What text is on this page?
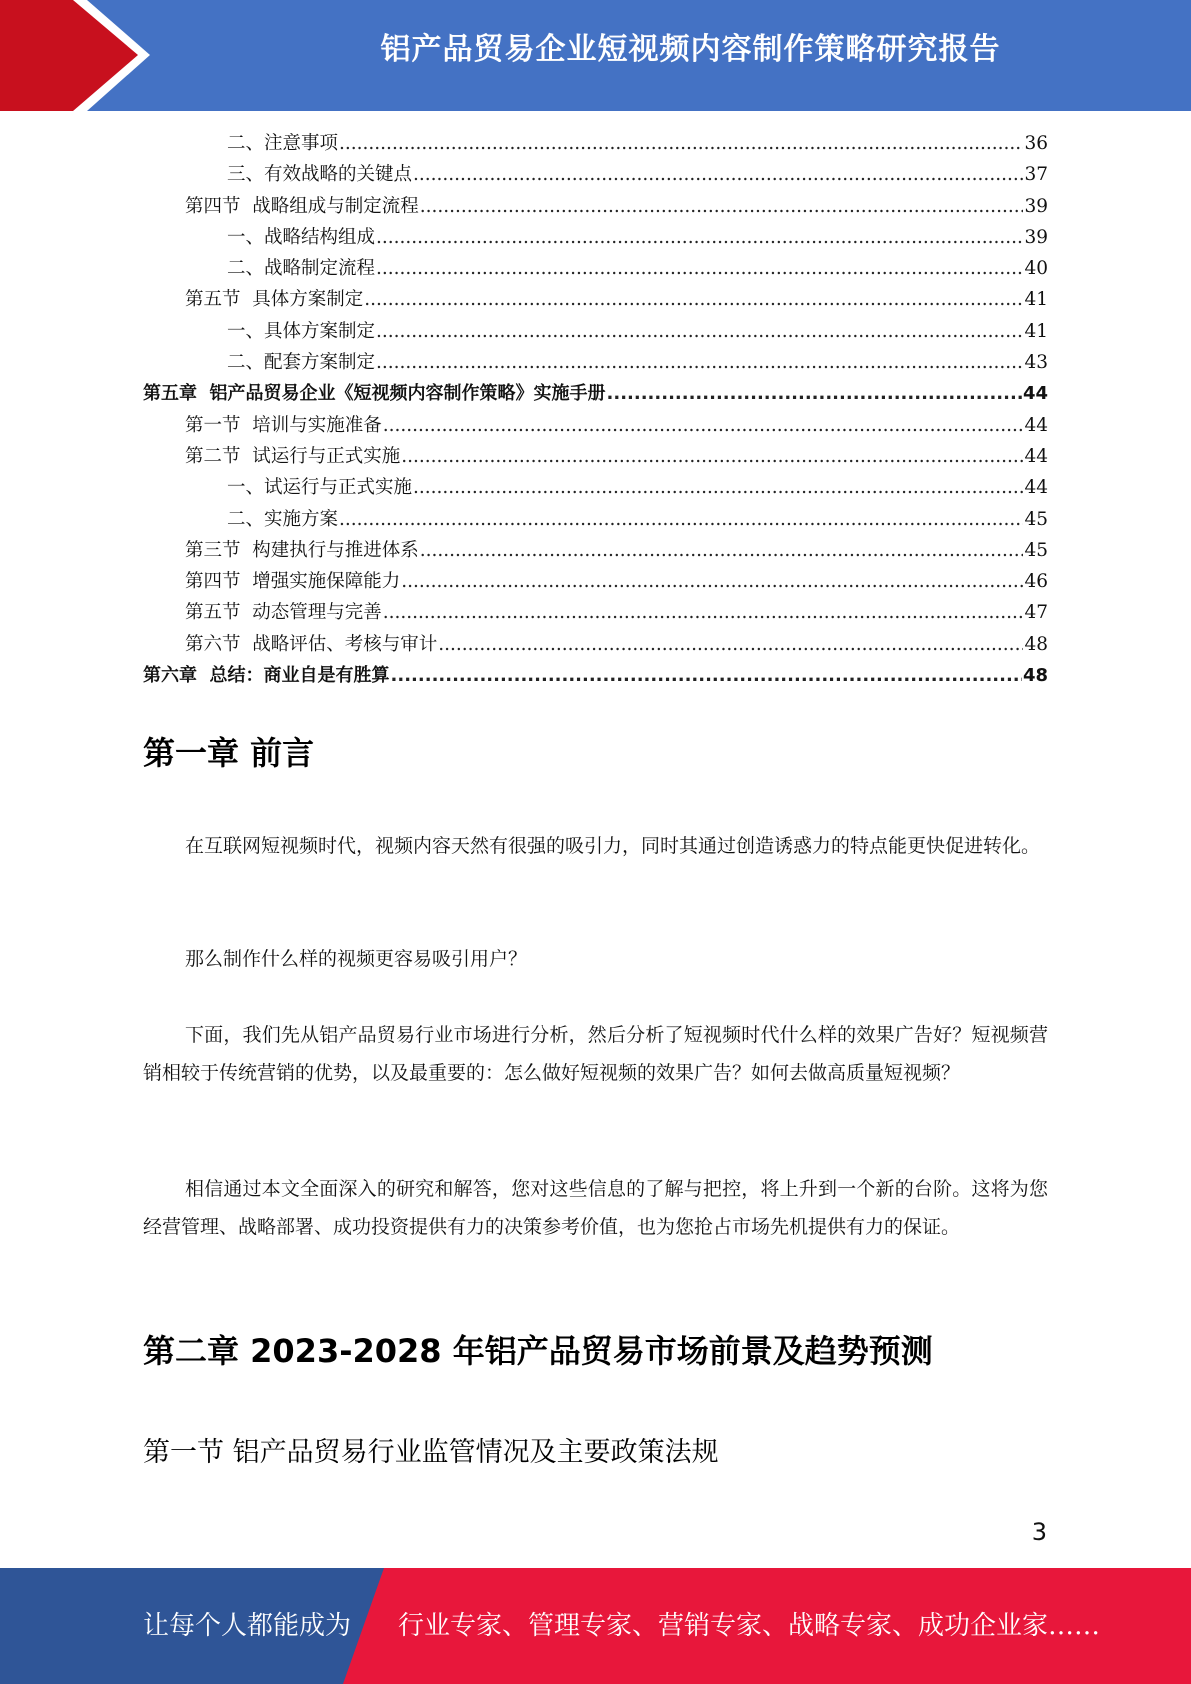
铝产品贸易企业短视频内容制作策略研究报告
二、注意事项 .....	36
三、有效战略的关键点 .....	37
第四节  战略组成与制定流程 .....	39
一、战略结构组成 .....	39
二、战略制定流程 .....	40
第五节  具体方案制定 .....	41
一、具体方案制定 .....	41
二、配套方案制定 .....	43
第五章  铝产品贸易企业《短视频内容制作策略》实施手册 .....	44
第一节  培训与实施准备 .....	44
第二节  试运行与正式实施 .....	44
一、试运行与正式实施 .....	44
二、实施方案 .....	45
第三节  构建执行与推进体系 .....	45
第四节  增强实施保障能力 .....	46
第五节  动态管理与完善 .....	47
第六节  战略评估、考核与审计 .....	48
第六章  总结：商业自是有胜算 .....	48
第一章 前言
在互联网短视频时代，视频内容天然有很强的吸引力，同时其通过创造诱惑力的特点能更快促进转化。
那么制作什么样的视频更容易吸引用户？
下面，我们先从铝产品贸易行业市场进行分析，然后分析了短视频时代什么样的效果广告好？短视频营销相较于传统营销的优势，以及最重要的：怎么做好短视频的效果广告？如何去做高质量短视频？
相信通过本文全面深入的研究和解答，您对这些信息的了解与把控，将上升到一个新的台阶。这将为您经营管理、战略部署、成功投资提供有力的决策参考价值，也为您抢占市场先机提供有力的保证。
第二章 2023-2028 年铝产品贸易市场前景及趋势预测
第一节 铝产品贸易行业监管情况及主要政策法规
3
让每个人都能成为 行业专家、管理专家、营销专家、战略专家、成功企业家……
